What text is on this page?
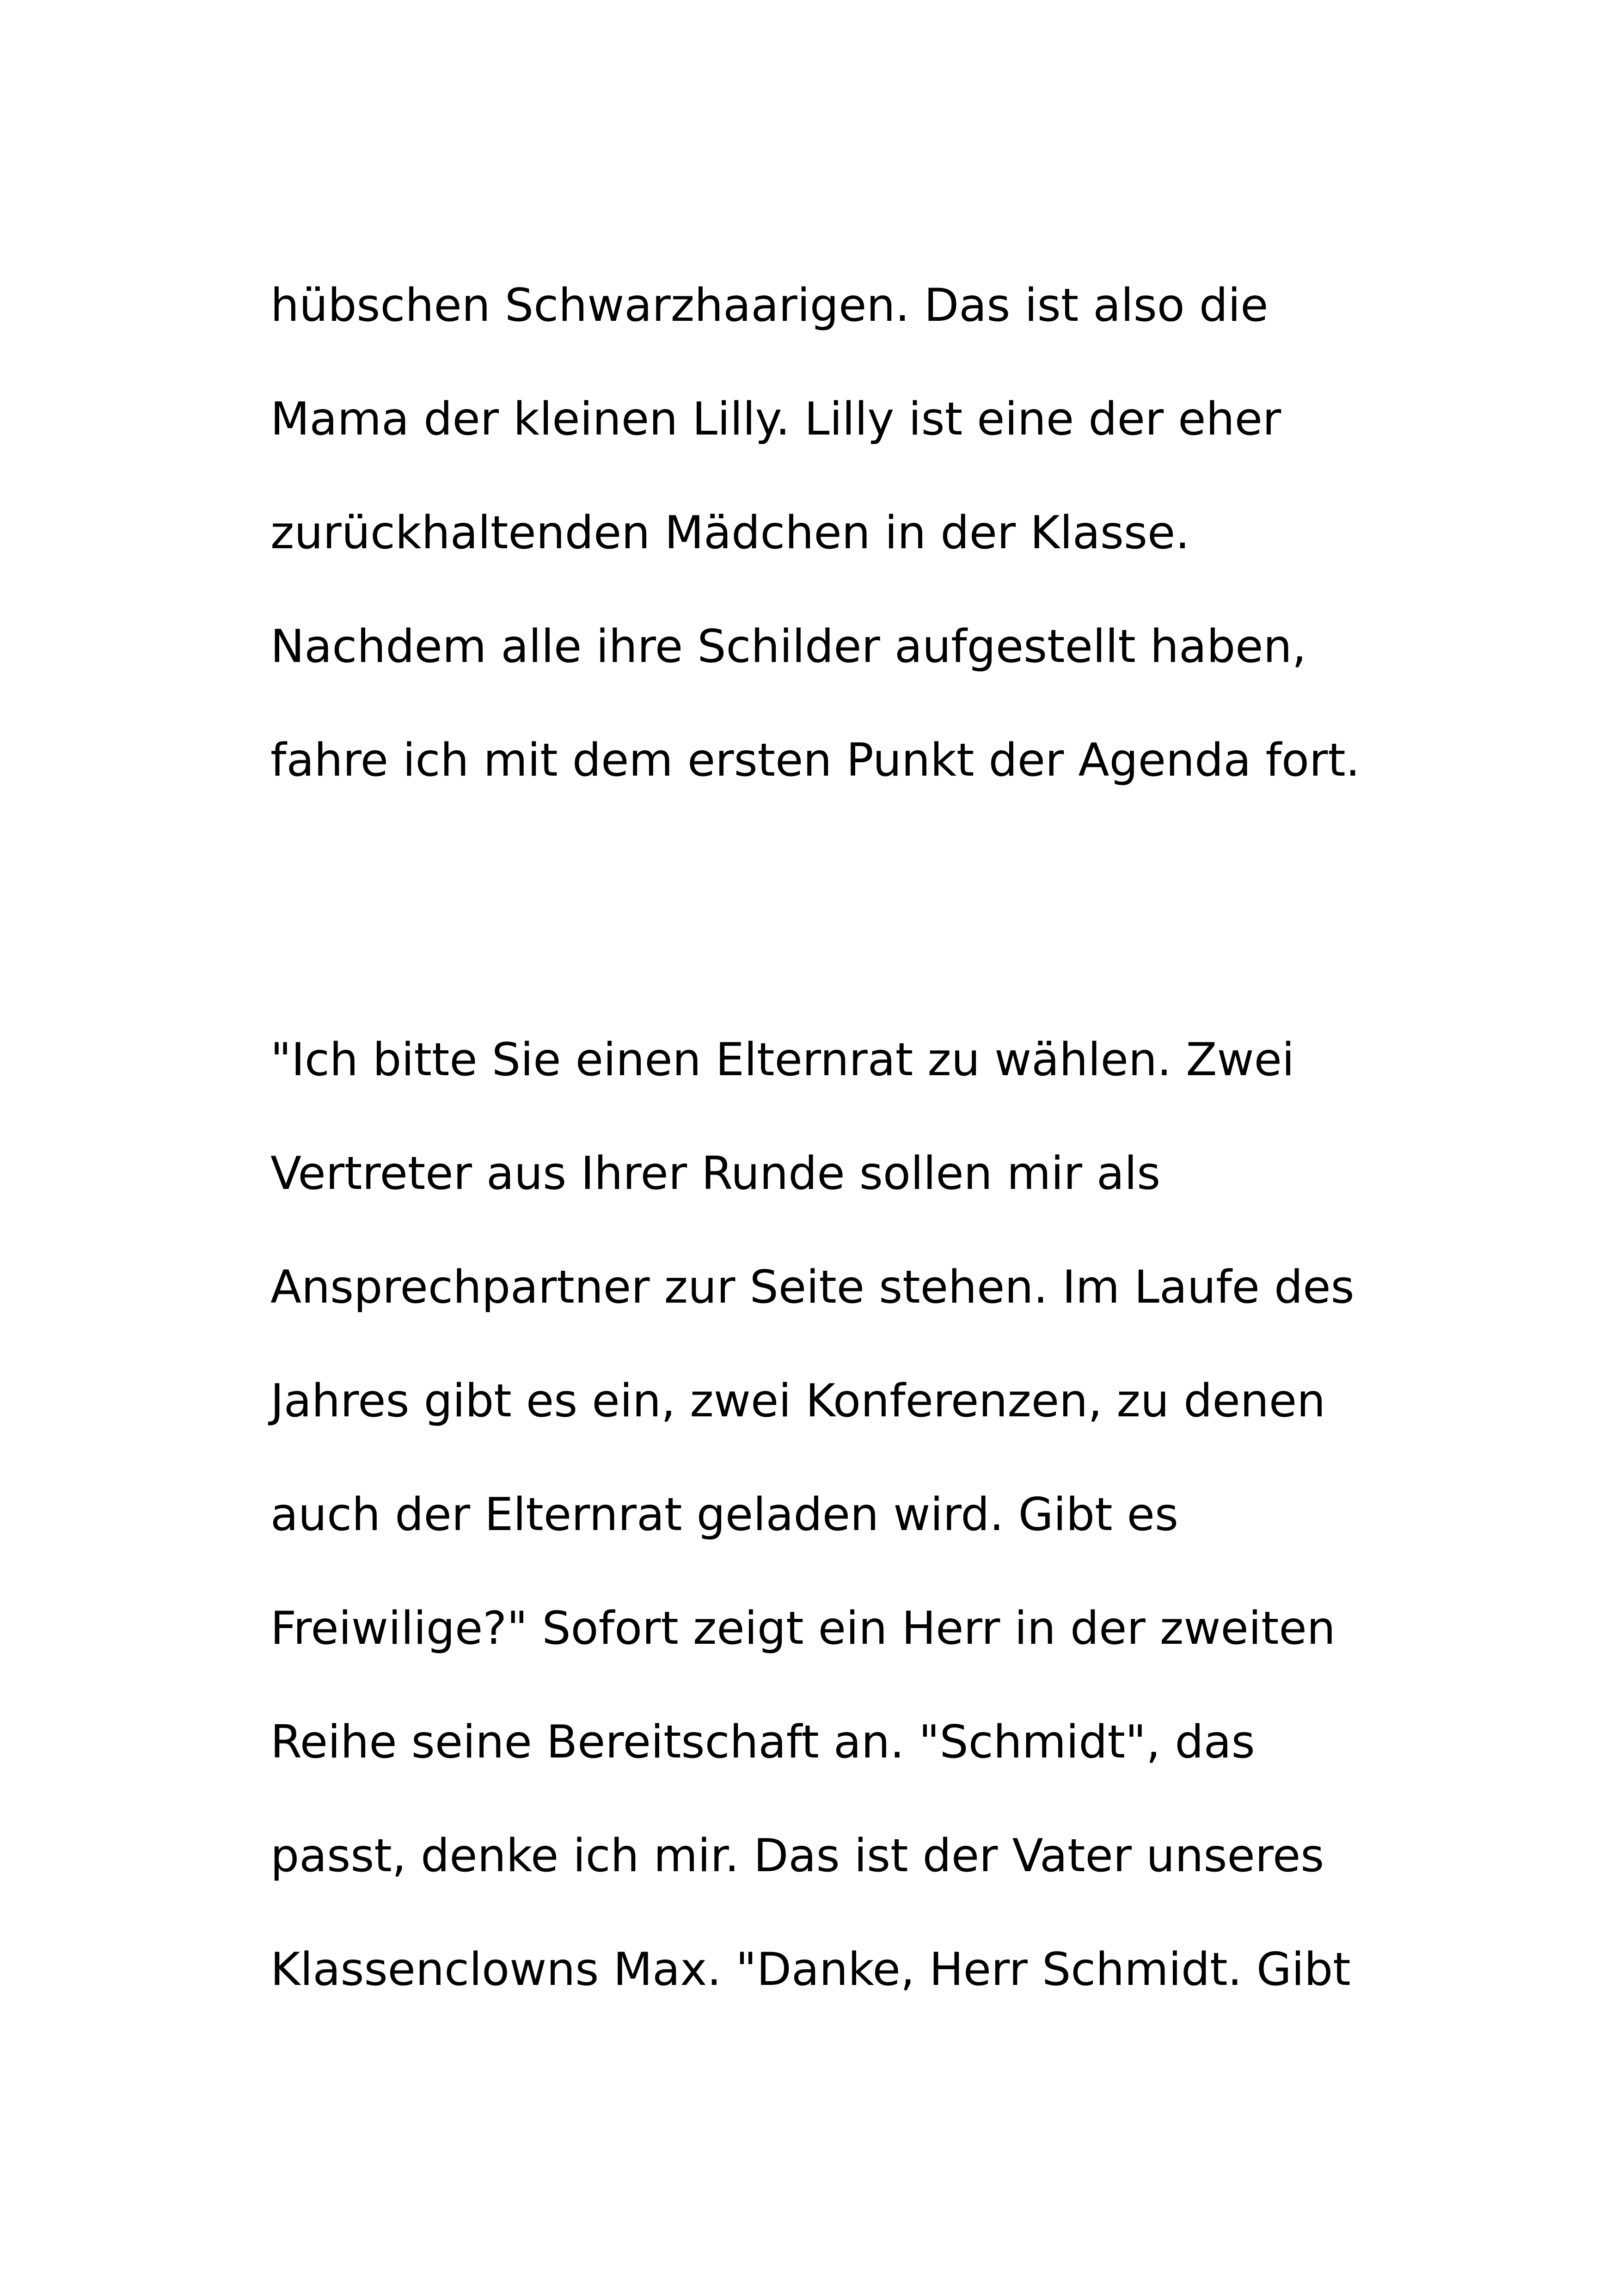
hübschen Schwarzhaarigen. Das ist also die
Mama der kleinen Lilly. Lilly ist eine der eher
zurückhaltenden Mädchen in der Klasse.
Nachdem alle ihre Schilder aufgestellt haben,
fahre ich mit dem ersten Punkt der Agenda fort.
"Ich bitte Sie einen Elternrat zu wählen. Zwei
Vertreter aus Ihrer Runde sollen mir als
Ansprechpartner zur Seite stehen. Im Laufe des
Jahres gibt es ein, zwei Konferenzen, zu denen
auch der Elternrat geladen wird. Gibt es
Freiwilige?" Sofort zeigt ein Herr in der zweiten
Reihe seine Bereitschaft an. "Schmidt", das
passt, denke ich mir. Das ist der Vater unseres
Klassenclowns Max. "Danke, Herr Schmidt. Gibt
